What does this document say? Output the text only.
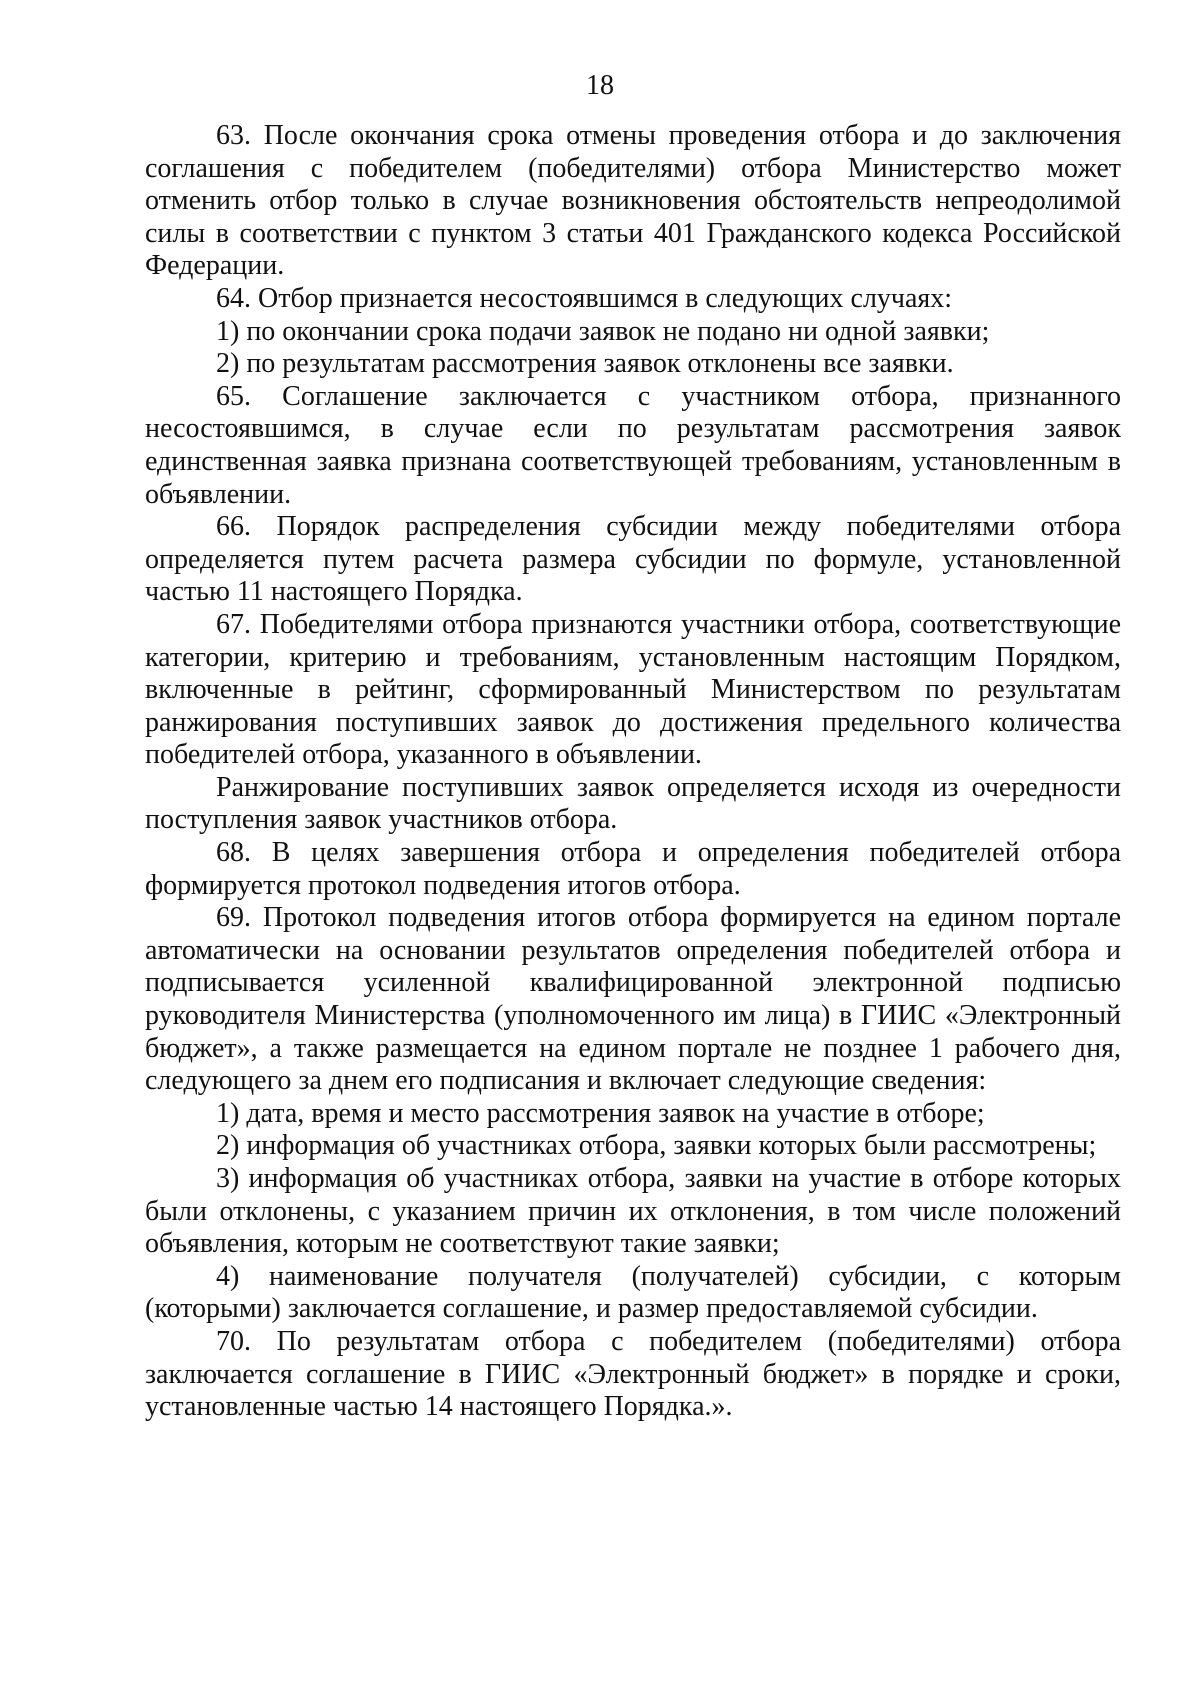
18

63. После окончания срока отмены проведения отбора и до заключения соглашения с победителем (победителями) отбора Министерство может отменить отбор только в случае возникновения обстоятельств непреодолимой силы в соответствии с пунктом 3 статьи 401 Гражданского кодекса Российской Федерации.

64. Отбор признается несостоявшимся в следующих случаях:

1) по окончании срока подачи заявок не подано ни одной заявки;

2) по результатам рассмотрения заявок отклонены все заявки.

65. Соглашение заключается с участником отбора, признанного несостоявшимся, в случае если по результатам рассмотрения заявок единственная заявка признана соответствующей требованиям, установленным в объявлении.

66. Порядок распределения субсидии между победителями отбора определяется путем расчета размера субсидии по формуле, установленной частью 11 настоящего Порядка.

67. Победителями отбора признаются участники отбора, соответствующие категории, критерию и требованиям, установленным настоящим Порядком, включенные в рейтинг, сформированный Министерством по результатам ранжирования поступивших заявок до достижения предельного количества победителей отбора, указанного в объявлении.

Ранжирование поступивших заявок определяется исходя из очередности поступления заявок участников отбора.

68. В целях завершения отбора и определения победителей отбора формируется протокол подведения итогов отбора.

69. Протокол подведения итогов отбора формируется на едином портале автоматически на основании результатов определения победителей отбора и подписывается усиленной квалифицированной электронной подписью руководителя Министерства (уполномоченного им лица) в ГИИС «Электронный бюджет», а также размещается на едином портале не позднее 1 рабочего дня, следующего за днем его подписания и включает следующие сведения:

1) дата, время и место рассмотрения заявок на участие в отборе;

2) информация об участниках отбора, заявки которых были рассмотрены;

3) информация об участниках отбора, заявки на участие в отборе которых были отклонены, с указанием причин их отклонения, в том числе положений объявления, которым не соответствуют такие заявки;

4) наименование получателя (получателей) субсидии, с которым (которыми) заключается соглашение, и размер предоставляемой субсидии.

70. По результатам отбора с победителем (победителями) отбора заключается соглашение в ГИИС «Электронный бюджет» в порядке и сроки, установленные частью 14 настоящего Порядка.».
